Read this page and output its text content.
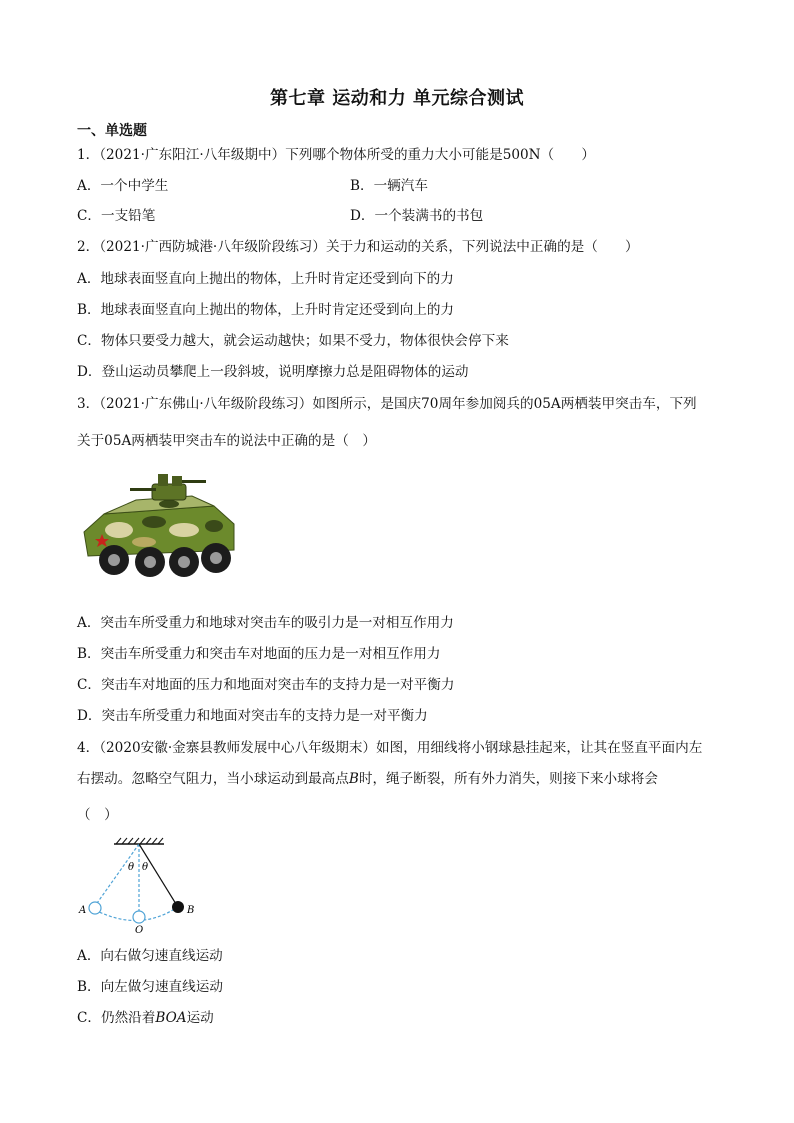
第七章 运动和力 单元综合测试
一、单选题
1．（2021·广东阳江·八年级期中）下列哪个物体所受的重力大小可能是500N（　　）
A．一个中学生	B．一辆汽车
C．一支铅笔	D．一个装满书的书包
2．（2021·广西防城港·八年级阶段练习）关于力和运动的关系，下列说法中正确的是（　　）
A．地球表面竖直向上抛出的物体，上升时肯定还受到向下的力
B．地球表面竖直向上抛出的物体，上升时肯定还受到向上的力
C．物体只要受力越大，就会运动越快；如果不受力，物体很快会停下来
D．登山运动员攀爬上一段斜坡，说明摩擦力总是阻碍物体的运动
3．（2021·广东佛山·八年级阶段练习）如图所示，是国庆70周年参加阅兵的05A两栖装甲突击车，下列
关于05A两栖装甲突击车的说法中正确的是（　）
A．突击车所受重力和地球对突击车的吸引力是一对相互作用力
B．突击车所受重力和突击车对地面的压力是一对相互作用力
C．突击车对地面的压力和地面对突击车的支持力是一对平衡力
D．突击车所受重力和地面对突击车的支持力是一对平衡力
4．（2020安徽·金寨县教师发展中心八年级期末）如图，用细线将小钢球悬挂起来，让其在竖直平面内左
右摆动。忽略空气阻力，当小球运动到最高点B时，绳子断裂，所有外力消失，则接下来小球将会
（　）
A	B
O
θ θ
A．向右做匀速直线运动
B．向左做匀速直线运动
C．仍然沿着BOA运动
